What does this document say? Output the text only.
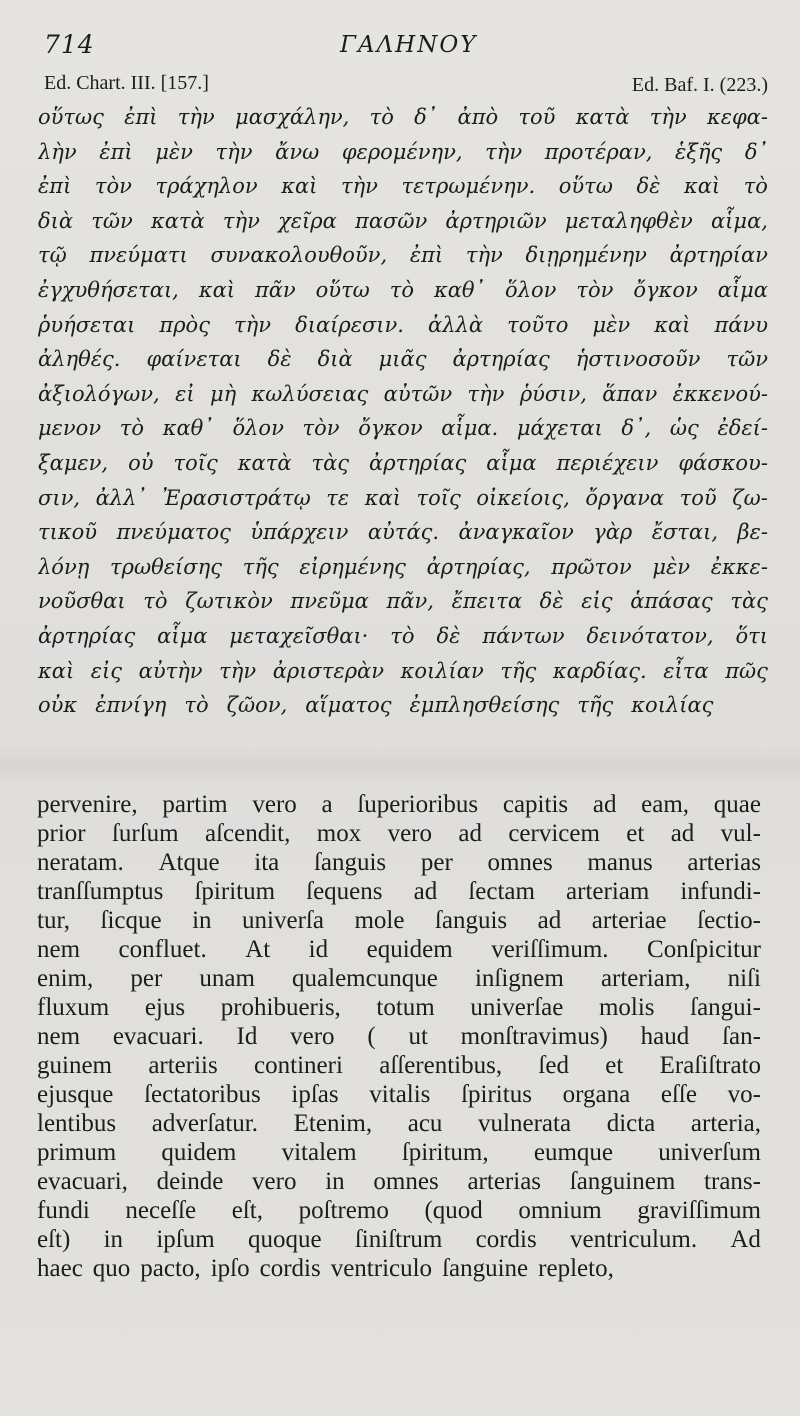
714	ΓΑΛΗΝΟΥ
Ed. Chart. III. [157.]	Ed. Baf. I. (223.)
οὕτως ἐπὶ τὴν μασχάλην, τὸ δ᾽ ἀπὸ τοῦ κατὰ τὴν κεφα-
λὴν ἐπὶ μὲν τὴν ἄνω φερομένην, τὴν προτέραν, ἑξῆς δ᾽
ἐπὶ τὸν τράχηλον καὶ τὴν τετρωμένην. οὕτω δὲ καὶ τὸ
διὰ τῶν κατὰ τὴν χεῖρα πασῶν ἀρτηριῶν μεταληφθὲν αἷμα,
τῷ πνεύματι συνακολουθοῦν, ἐπὶ τὴν διῃρημένην ἀρτηρίαν
ἐγχυθήσεται, καὶ πᾶν οὕτω τὸ καθ᾽ ὅλον τὸν ὄγκον αἷμα
ῥυήσεται πρὸς τὴν διαίρεσιν. ἀλλὰ τοῦτο μὲν καὶ πάνυ
ἀληθές. φαίνεται δὲ διὰ μιᾶς ἀρτηρίας ἡστινοσοῦν τῶν
ἀξιολόγων, εἰ μὴ κωλύσειας αὐτῶν τὴν ῥύσιν, ἅπαν ἐκκενού-
μενον τὸ καθ᾽ ὅλον τὸν ὄγκον αἷμα. μάχεται δ᾽, ὡς ἐδεί-
ξαμεν, οὐ τοῖς κατὰ τὰς ἀρτηρίας αἷμα περιέχειν φάσκου-
σιν, ἀλλ᾽ Ἐρασιστράτῳ τε καὶ τοῖς οἰκείοις, ὄργανα τοῦ ζω-
τικοῦ πνεύματος ὑπάρχειν αὐτάς. ἀναγκαῖον γὰρ ἔσται, βε-
λόνῃ τρωθείσης τῆς εἰρημένης ἀρτηρίας, πρῶτον μὲν ἐκκε-
νοῦσθαι τὸ ζωτικὸν πνεῦμα πᾶν, ἔπειτα δὲ εἰς ἁπάσας τὰς
ἀρτηρίας αἷμα μεταχεῖσθαι· τὸ δὲ πάντων δεινότατον, ὅτι
καὶ εἰς αὐτὴν τὴν ἀριστερὰν κοιλίαν τῆς καρδίας. εἶτα πῶς
οὐκ ἐπνίγη τὸ ζῶον, αἵματος ἐμπλησθείσης τῆς κοιλίας
pervenire, partim vero a ſuperioribus capitis ad eam, quae
prior ſurſum aſcendit, mox vero ad cervicem et ad vul-
neratam. Atque ita ſanguis per omnes manus arterias
tranſſumptus ſpiritum ſequens ad ſectam arteriam infundi-
tur, ſicque in univerſa mole ſanguis ad arteriae ſectio-
nem confluet. At id equidem veriſſimum. Conſpicitur
enim, per unam qualemcunque inſignem arteriam, niſi
fluxum ejus prohibueris, totum univerſae molis ſangui-
nem evacuari. Id vero ( ut monſtravimus) haud ſan-
guinem arteriis contineri aſſerentibus, ſed et Eraſiſtrato
ejusque ſectatoribus ipſas vitalis ſpiritus organa eſſe vo-
lentibus adverſatur. Etenim, acu vulnerata dicta arteria,
primum quidem vitalem ſpiritum, eumque univerſum
evacuari, deinde vero in omnes arterias ſanguinem trans-
fundi neceſſe eſt, poſtremo (quod omnium graviſſimum
eſt) in ipſum quoque ſiniſtrum cordis ventriculum. Ad
haec quo pacto, ipſo cordis ventriculo ſanguine repleto,
